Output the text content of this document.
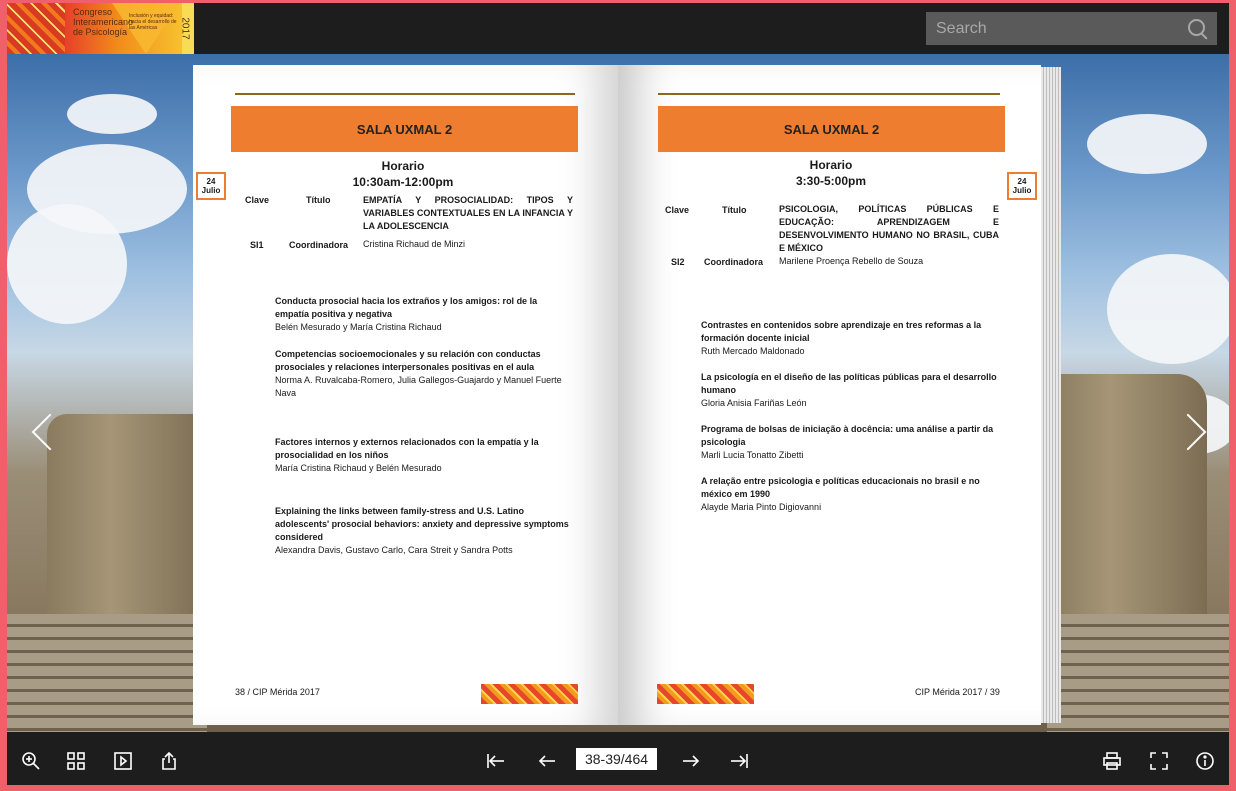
Congreso Interamericano de Psicología
Inclusión y equidad: hacia el desarrollo de las Américas	2017
Search
SALA UXMAL 2
Horario
10:30am-12:00pm
24
Julio
Clave	Título	EMPATÍA Y PROSOCIALIDAD: TIPOS Y VARIABLES CONTEXTUALES EN LA INFANCIA Y LA ADOLESCENCIA
SI1	Coordinadora Cristina Richaud de Minzi
Conducta prosocial hacia los extraños y los amigos: rol de la empatía positiva y negativa
Belén Mesurado y María Cristina Richaud
Competencias socioemocionales y su relación con conductas prosociales y relaciones interpersonales positivas en el aula
Norma A. Ruvalcaba-Romero, Julia Gallegos-Guajardo y Manuel Fuerte Nava
Factores internos y externos relacionados con la empatía y la prosocialidad en los niños
María Cristina Richaud y Belén Mesurado
Explaining the links between family-stress and U.S. Latino adolescents' prosocial behaviors: anxiety and depressive symptoms considered
Alexandra Davis, Gustavo Carlo, Cara Streit y Sandra Potts
38 / CIP Mérida 2017
SALA UXMAL 2
Horario
3:30-5:00pm	24
Julio
Clave	Título	PSICOLOGIA, POLÍTICAS PÚBLICAS E EDUCAÇÃO: APRENDIZAGEM E DESENVOLVIMENTO HUMANO NO BRASIL, CUBA E MÉXICO
SI2 Coordinadora Marilene Proença Rebello de Souza
Contrastes en contenidos sobre aprendizaje en tres reformas a la formación docente inicial
Ruth Mercado Maldonado
La psicología en el diseño de las políticas públicas para el desarrollo humano
Gloria Anisia Fariñas León
Programa de bolsas de iniciação à docência: uma análise a partir da psicologia
Marli Lucia Tonatto Zibetti
A relação entre psicologia e políticas educacionais no brasil e no méxico em 1990
Alayde Maria Pinto Digiovanni
CIP Mérida 2017 / 39
38-39/464
